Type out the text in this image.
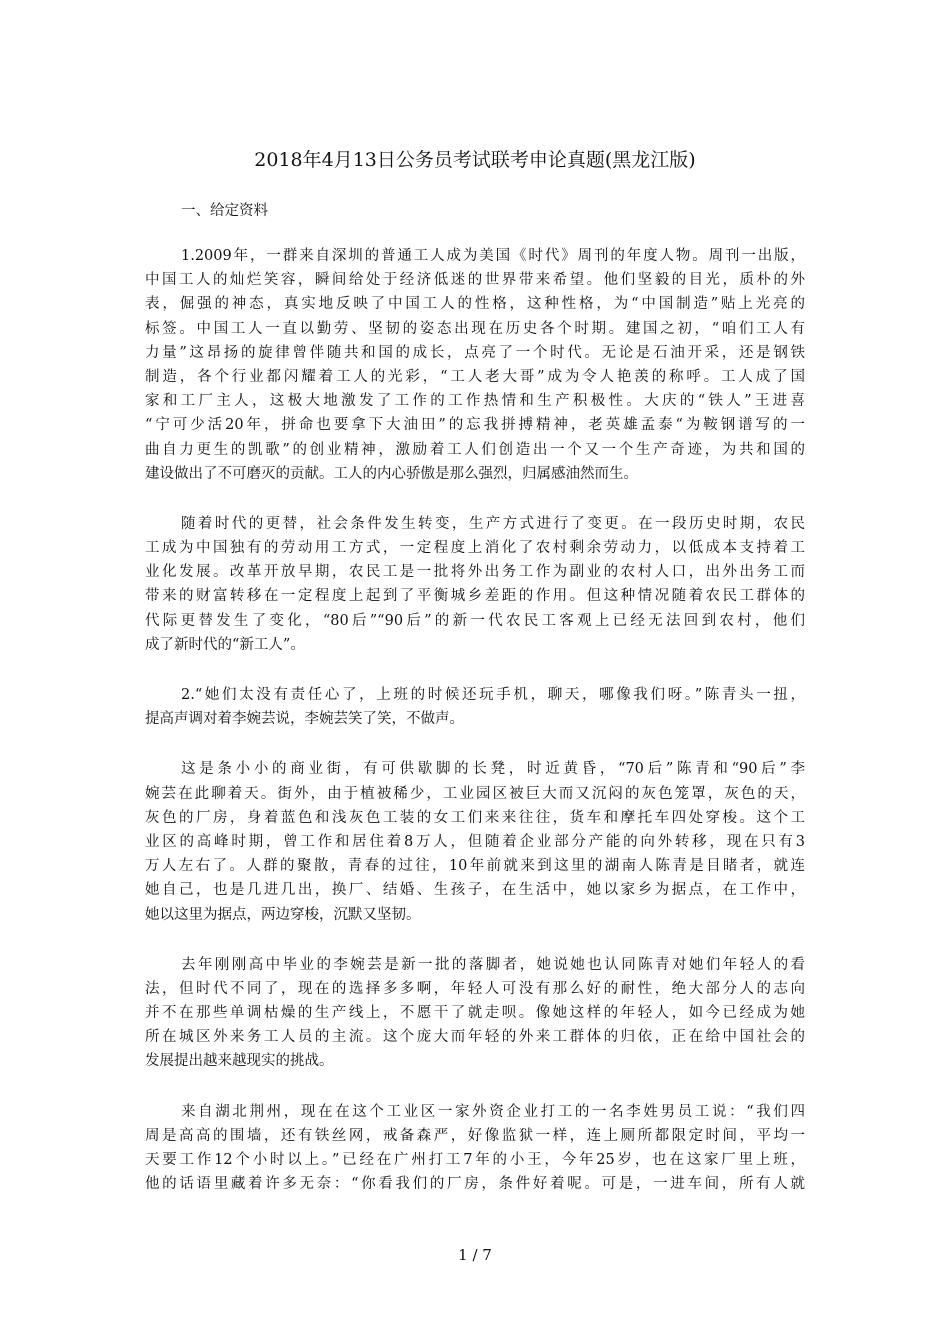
2018年4月13日公务员考试联考申论真题(黑龙江版)
一、给定资料
1.2009年，一群来自深圳的普通工人成为美国《时代》周刊的年度人物。周刊一出版，
中国工人的灿烂笑容，瞬间给处于经济低迷的世界带来希望。他们坚毅的目光，质朴的外
表，倔强的神态，真实地反映了中国工人的性格，这种性格，为“中国制造”贴上光亮的
标签。中国工人一直以勤劳、坚韧的姿态出现在历史各个时期。建国之初，“咱们工人有
力量”这昂扬的旋律曾伴随共和国的成长，点亮了一个时代。无论是石油开采，还是钢铁
制造，各个行业都闪耀着工人的光彩，“工人老大哥”成为令人艳羡的称呼。工人成了国
家和工厂主人，这极大地激发了工作的工作热情和生产积极性。大庆的“铁人”王进喜
“宁可少活20年，拼命也要拿下大油田”的忘我拼搏精神，老英雄孟泰“为鞍钢谱写的一
曲自力更生的凯歌”的创业精神，激励着工人们创造出一个又一个生产奇迹，为共和国的
建设做出了不可磨灭的贡献。工人的内心骄傲是那么强烈，归属感油然而生。
随着时代的更替，社会条件发生转变，生产方式进行了变更。在一段历史时期，农民
工成为中国独有的劳动用工方式，一定程度上消化了农村剩余劳动力，以低成本支持着工
业化发展。改革开放早期，农民工是一批将外出务工作为副业的农村人口，出外出务工而
带来的财富转移在一定程度上起到了平衡城乡差距的作用。但这种情况随着农民工群体的
代际更替发生了变化，“80后”“90后”的新一代农民工客观上已经无法回到农村，他们
成了新时代的“新工人”。
2.“她们太没有责任心了，上班的时候还玩手机，聊天，哪像我们呀。”陈青头一扭，
提高声调对着李婉芸说，李婉芸笑了笑，不做声。
这是条小小的商业街，有可供歇脚的长凳，时近黄昏，“70后”陈青和“90后”李
婉芸在此聊着天。街外，由于植被稀少，工业园区被巨大而又沉闷的灰色笼罩，灰色的天，
灰色的厂房，身着蓝色和浅灰色工装的女工们来来往往，货车和摩托车四处穿梭。这个工
业区的高峰时期，曾工作和居住着8万人，但随着企业部分产能的向外转移，现在只有3
万人左右了。人群的聚散，青春的过往，10年前就来到这里的湖南人陈青是目睹者，就连
她自己，也是几进几出，换厂、结婚、生孩子，在生活中，她以家乡为据点，在工作中，
她以这里为据点，两边穿梭，沉默又坚韧。
去年刚刚高中毕业的李婉芸是新一批的落脚者，她说她也认同陈青对她们年轻人的看
法，但时代不同了，现在的选择多多啊，年轻人可没有那么好的耐性，绝大部分人的志向
并不在那些单调枯燥的生产线上，不愿干了就走呗。像她这样的年轻人，如今已经成为她
所在城区外来务工人员的主流。这个庞大而年轻的外来工群体的归依，正在给中国社会的
发展提出越来越现实的挑战。
来自湖北荆州，现在在这个工业区一家外资企业打工的一名李姓男员工说：“我们四
周是高高的围墙，还有铁丝网，戒备森严，好像监狱一样，连上厕所都限定时间，平均一
天要工作12个小时以上。”已经在广州打工7年的小王，今年25岁，也在这家厂里上班，
他的话语里藏着许多无奈：“你看我们的厂房，条件好着呢。可是，一进车间，所有人就
1 / 7
